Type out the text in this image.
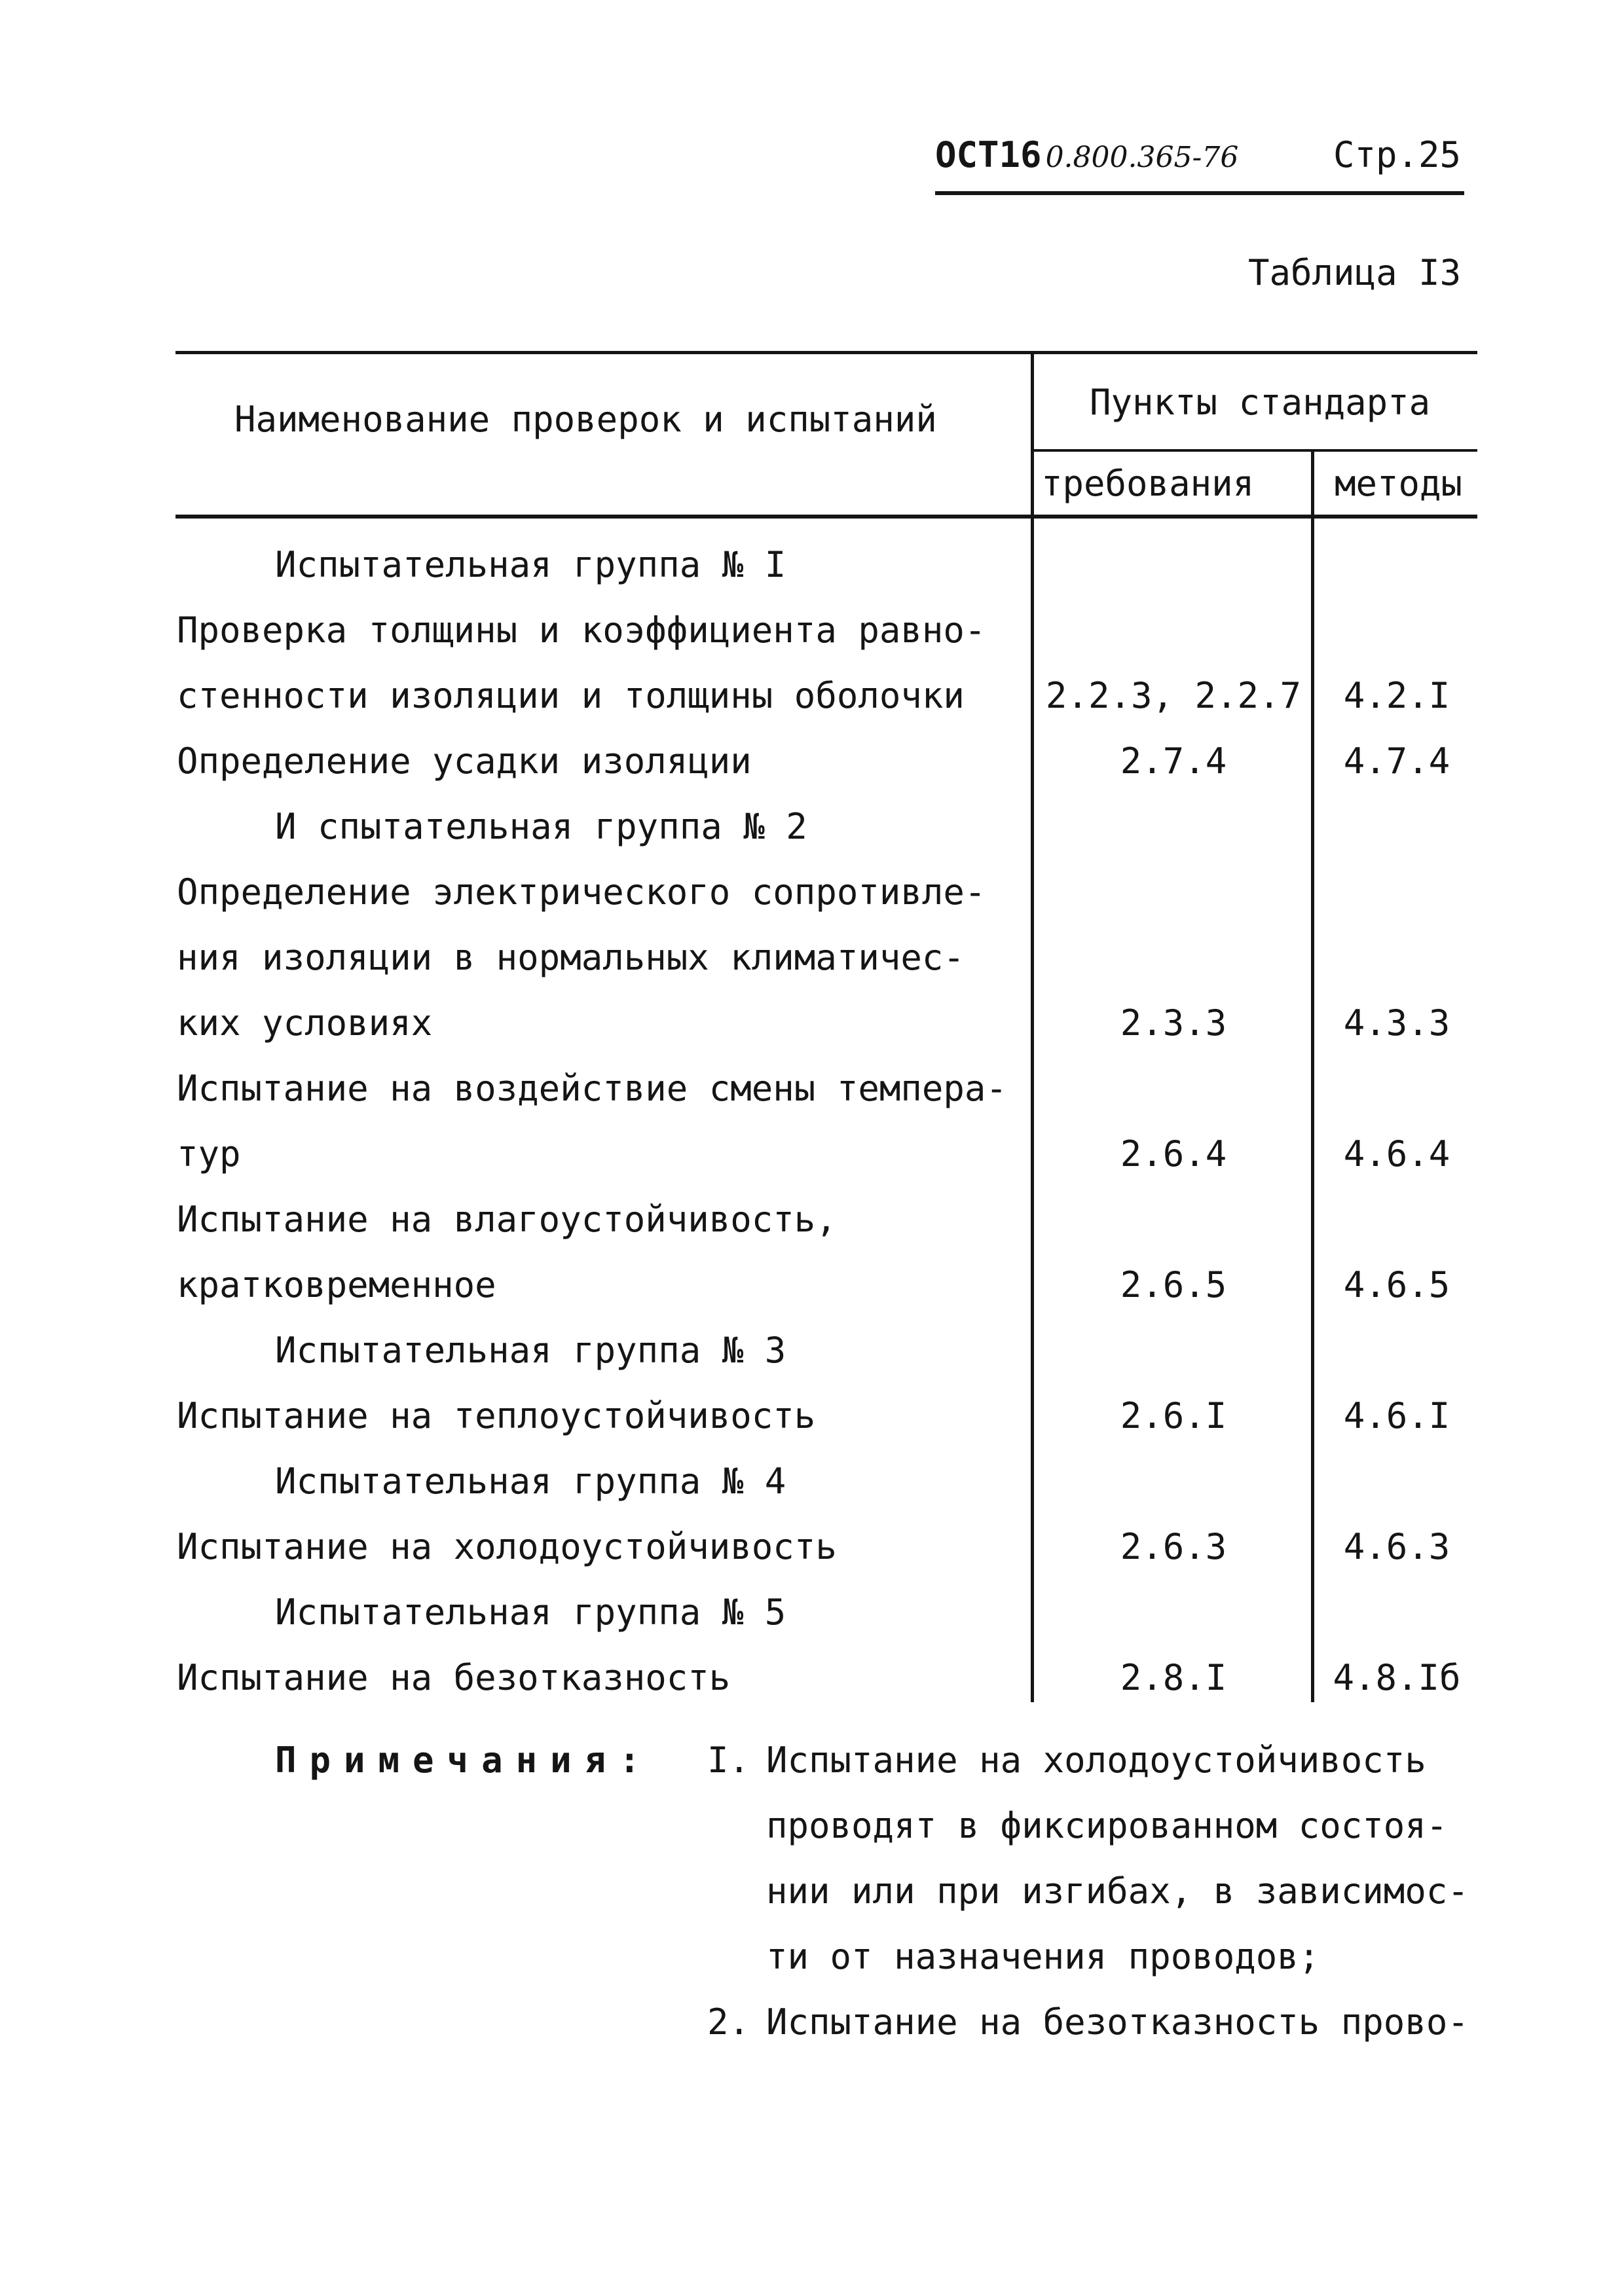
ОСТ16 0.800.365-76	Стр.25
Таблица I3
Наименование проверок и испытаний	Пункты стандарта
требования методы
Испытательная группа № I
Проверка толщины и коэффициента равно-
стенности изоляции и толщины оболочки 2.2.3, 2.2.7	4.2.I
Определение усадки изоляции	2.7.4	4.7.4
И спытательная группа № 2
Определение электрического сопротивле-
ния изоляции в нормальных климатичес-
ких условиях	2.3.3	4.3.3
Испытание на воздействие смены темпера-
тур	2.6.4	4.6.4
Испытание на влагоустойчивость,
кратковременное	2.6.5	4.6.5
Испытательная группа № 3
Испытание на теплоустойчивость	2.6.I	4.6.I
Испытательная группа № 4
Испытание на холодоустойчивость	2.6.3	4.6.3
Испытательная группа № 5
Испытание на безотказность	2.8.I	4.8.Iб
Примечания: I. Испытание на холодоустойчивость
проводят в фиксированном состоя-
нии или при изгибах, в зависимос-
ти от назначения проводов;
2. Испытание на безотказность прово-
